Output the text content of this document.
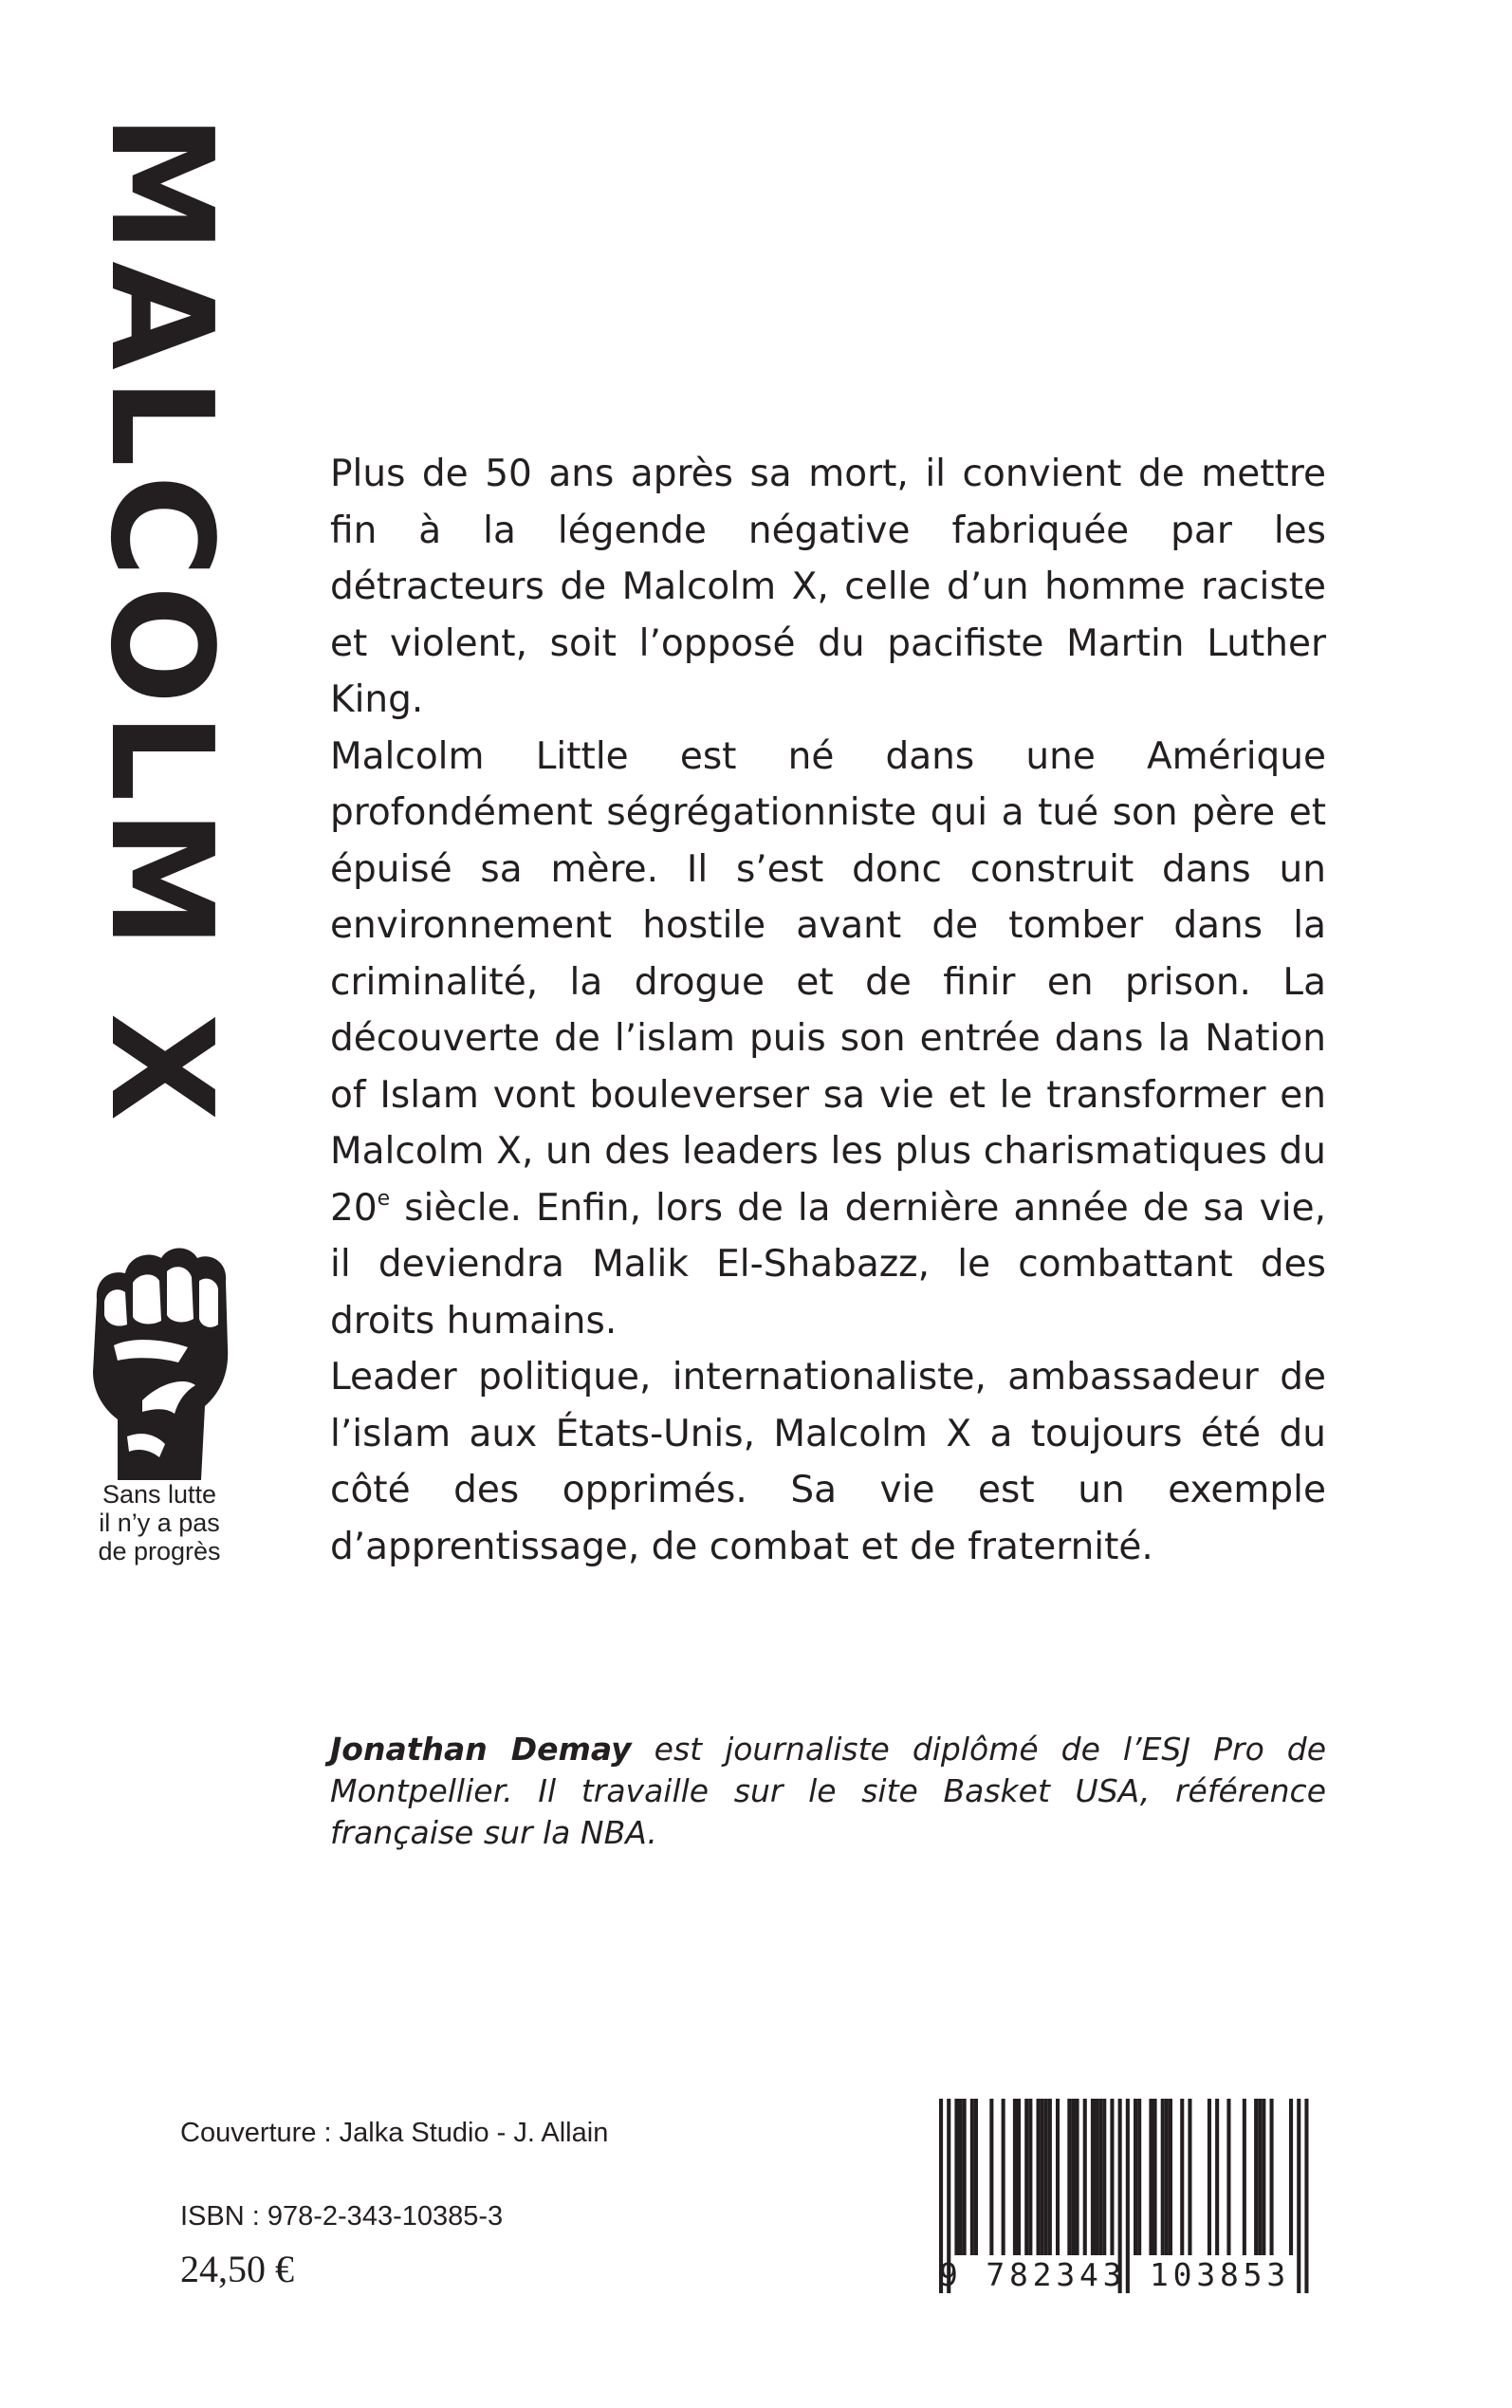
MALCOLM X
Sans lutte
il n’y a pas
de progrès

Plus de 50 ans après sa mort, il convient de mettre fin à la légende négative fabriquée par les détracteurs de Malcolm X, celle d’un homme raciste et violent, soit l’opposé du pacifiste Martin Luther King.

Malcolm Little est né dans une Amérique profondément ségrégationniste qui a tué son père et épuisé sa mère. Il s’est donc construit dans un environnement hostile avant de tomber dans la criminalité, la drogue et de finir en prison. La découverte de l’islam puis son entrée dans la Nation of Islam vont bouleverser sa vie et le transformer en Malcolm X, un des leaders les plus charismatiques du 20e siècle. Enfin, lors de la dernière année de sa vie, il deviendra Malik El-Shabazz, le combattant des droits humains.

Leader politique, internationaliste, ambassadeur de l’islam aux États-Unis, Malcolm X a toujours été du côté des opprimés. Sa vie est un exemple d’apprentissage, de combat et de fraternité.

Jonathan Demay est journaliste diplômé de l’ESJ Pro de Montpellier. Il travaille sur le site Basket USA, référence française sur la NBA.
Couverture : Jalka Studio - J. Allain
ISBN : 978-2-343-10385-3
24,50 €	9 782343 103853
